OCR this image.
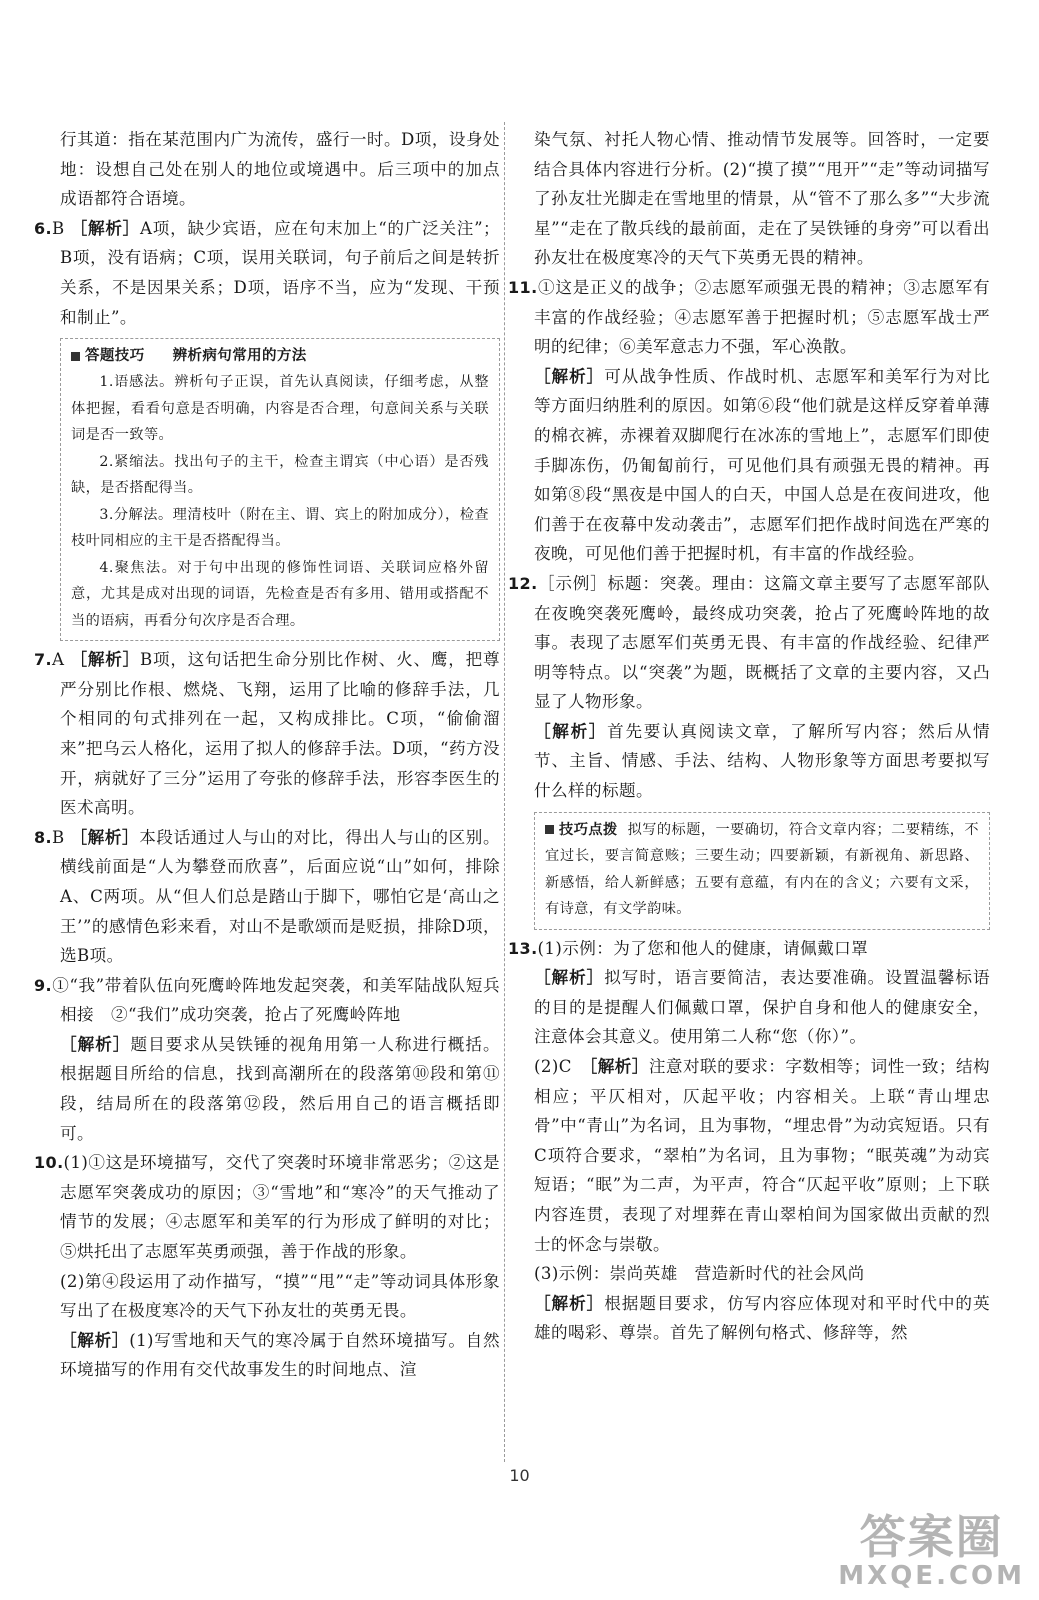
行其道：指在某范围内广为流传，盛行一时。D项，设身处地：设想自己处在别人的地位或境遇中。后三项中的加点成语都符合语境。

6.B ［解析］A项，缺少宾语，应在句末加上“的广泛关注”；B项，没有语病；C项，误用关联词，句子前后之间是转折关系，不是因果关系；D项，语序不当，应为“发现、干预和制止”。

答题技巧 辨析病句常用的方法

1.语感法。辨析句子正误，首先认真阅读，仔细考虑，从整体把握，看看句意是否明确，内容是否合理，句意间关系与关联词是否一致等。

2.紧缩法。找出句子的主干，检查主谓宾（中心语）是否残缺，是否搭配得当。

3.分解法。理清枝叶（附在主、谓、宾上的附加成分），检查枝叶同相应的主干是否搭配得当。

4.聚焦法。对于句中出现的修饰性词语、关联词应格外留意，尤其是成对出现的词语，先检查是否有多用、错用或搭配不当的语病，再看分句次序是否合理。

7.A ［解析］B项，这句话把生命分别比作树、火、鹰，把尊严分别比作根、燃烧、飞翔，运用了比喻的修辞手法，几个相同的句式排列在一起，又构成排比。C项，“偷偷溜来”把乌云人格化，运用了拟人的修辞手法。D项，“药方没开，病就好了三分”运用了夸张的修辞手法，形容李医生的医术高明。

8.B ［解析］本段话通过人与山的对比，得出人与山的区别。横线前面是“人为攀登而欣喜”，后面应说“山”如何，排除A、C两项。从“但人们总是踏山于脚下，哪怕它是‘高山之王’”的感情色彩来看，对山不是歌颂而是贬损，排除D项，选B项。

9.①“我”带着队伍向死鹰岭阵地发起突袭，和美军陆战队短兵相接　②“我们”成功突袭，抢占了死鹰岭阵地

［解析］题目要求从吴铁锤的视角用第一人称进行概括。根据题目所给的信息，找到高潮所在的段落第⑩段和第⑪段，结局所在的段落第⑫段，然后用自己的语言概括即可。

10.(1)①这是环境描写，交代了突袭时环境非常恶劣；②这是志愿军突袭成功的原因；③“雪地”和“寒冷”的天气推动了情节的发展；④志愿军和美军的行为形成了鲜明的对比；⑤烘托出了志愿军英勇顽强，善于作战的形象。

(2)第④段运用了动作描写，“摸”“甩”“走”等动词具体形象写出了在极度寒冷的天气下孙友壮的英勇无畏。

［解析］(1)写雪地和天气的寒冷属于自然环境描写。自然环境描写的作用有交代故事发生的时间地点、渲

染气氛、衬托人物心情、推动情节发展等。回答时，一定要结合具体内容进行分析。(2)“摸了摸”“甩开”“走”等动词描写了孙友壮光脚走在雪地里的情景，从“管不了那么多”“大步流星”“走在了散兵线的最前面，走在了吴铁锤的身旁”可以看出孙友壮在极度寒冷的天气下英勇无畏的精神。

11.①这是正义的战争；②志愿军顽强无畏的精神；③志愿军有丰富的作战经验；④志愿军善于把握时机；⑤志愿军战士严明的纪律；⑥美军意志力不强，军心涣散。

［解析］可从战争性质、作战时机、志愿军和美军行为对比等方面归纳胜利的原因。如第⑥段“他们就是这样反穿着单薄的棉衣裤，赤裸着双脚爬行在冰冻的雪地上”，志愿军们即使手脚冻伤，仍匍匐前行，可见他们具有顽强无畏的精神。再如第⑧段“黑夜是中国人的白天，中国人总是在夜间进攻，他们善于在夜幕中发动袭击”，志愿军们把作战时间选在严寒的夜晚，可见他们善于把握时机，有丰富的作战经验。

12.［示例］标题：突袭。理由：这篇文章主要写了志愿军部队在夜晚突袭死鹰岭，最终成功突袭，抢占了死鹰岭阵地的故事。表现了志愿军们英勇无畏、有丰富的作战经验、纪律严明等特点。以“突袭”为题，既概括了文章的主要内容，又凸显了人物形象。

［解析］首先要认真阅读文章，了解所写内容；然后从情节、主旨、情感、手法、结构、人物形象等方面思考要拟写什么样的标题。

技巧点拨 拟写的标题，一要确切，符合文章内容；二要精练，不宜过长，要言简意赅；三要生动；四要新颖，有新视角、新思路、新感悟，给人新鲜感；五要有意蕴，有内在的含义；六要有文采，有诗意，有文学韵味。

13.(1)示例：为了您和他人的健康，请佩戴口罩

［解析］拟写时，语言要简洁，表达要准确。设置温馨标语的目的是提醒人们佩戴口罩，保护自身和他人的健康安全，注意体会其意义。使用第二人称“您（你）”。

(2)C　［解析］注意对联的要求：字数相等；词性一致；结构相应；平仄相对，仄起平收；内容相关。上联“青山埋忠骨”中“青山”为名词，且为事物，“埋忠骨”为动宾短语。只有C项符合要求，“翠柏”为名词，且为事物；“眠英魂”为动宾短语；“眠”为二声，为平声，符合“仄起平收”原则；上下联内容连贯，表现了对埋葬在青山翠柏间为国家做出贡献的烈士的怀念与崇敬。

(3)示例：崇尚英雄　营造新时代的社会风尚

［解析］根据题目要求，仿写内容应体现对和平时代中的英雄的喝彩、尊崇。首先了解例句格式、修辞等，然

10
答案圈
MXQE.COM
